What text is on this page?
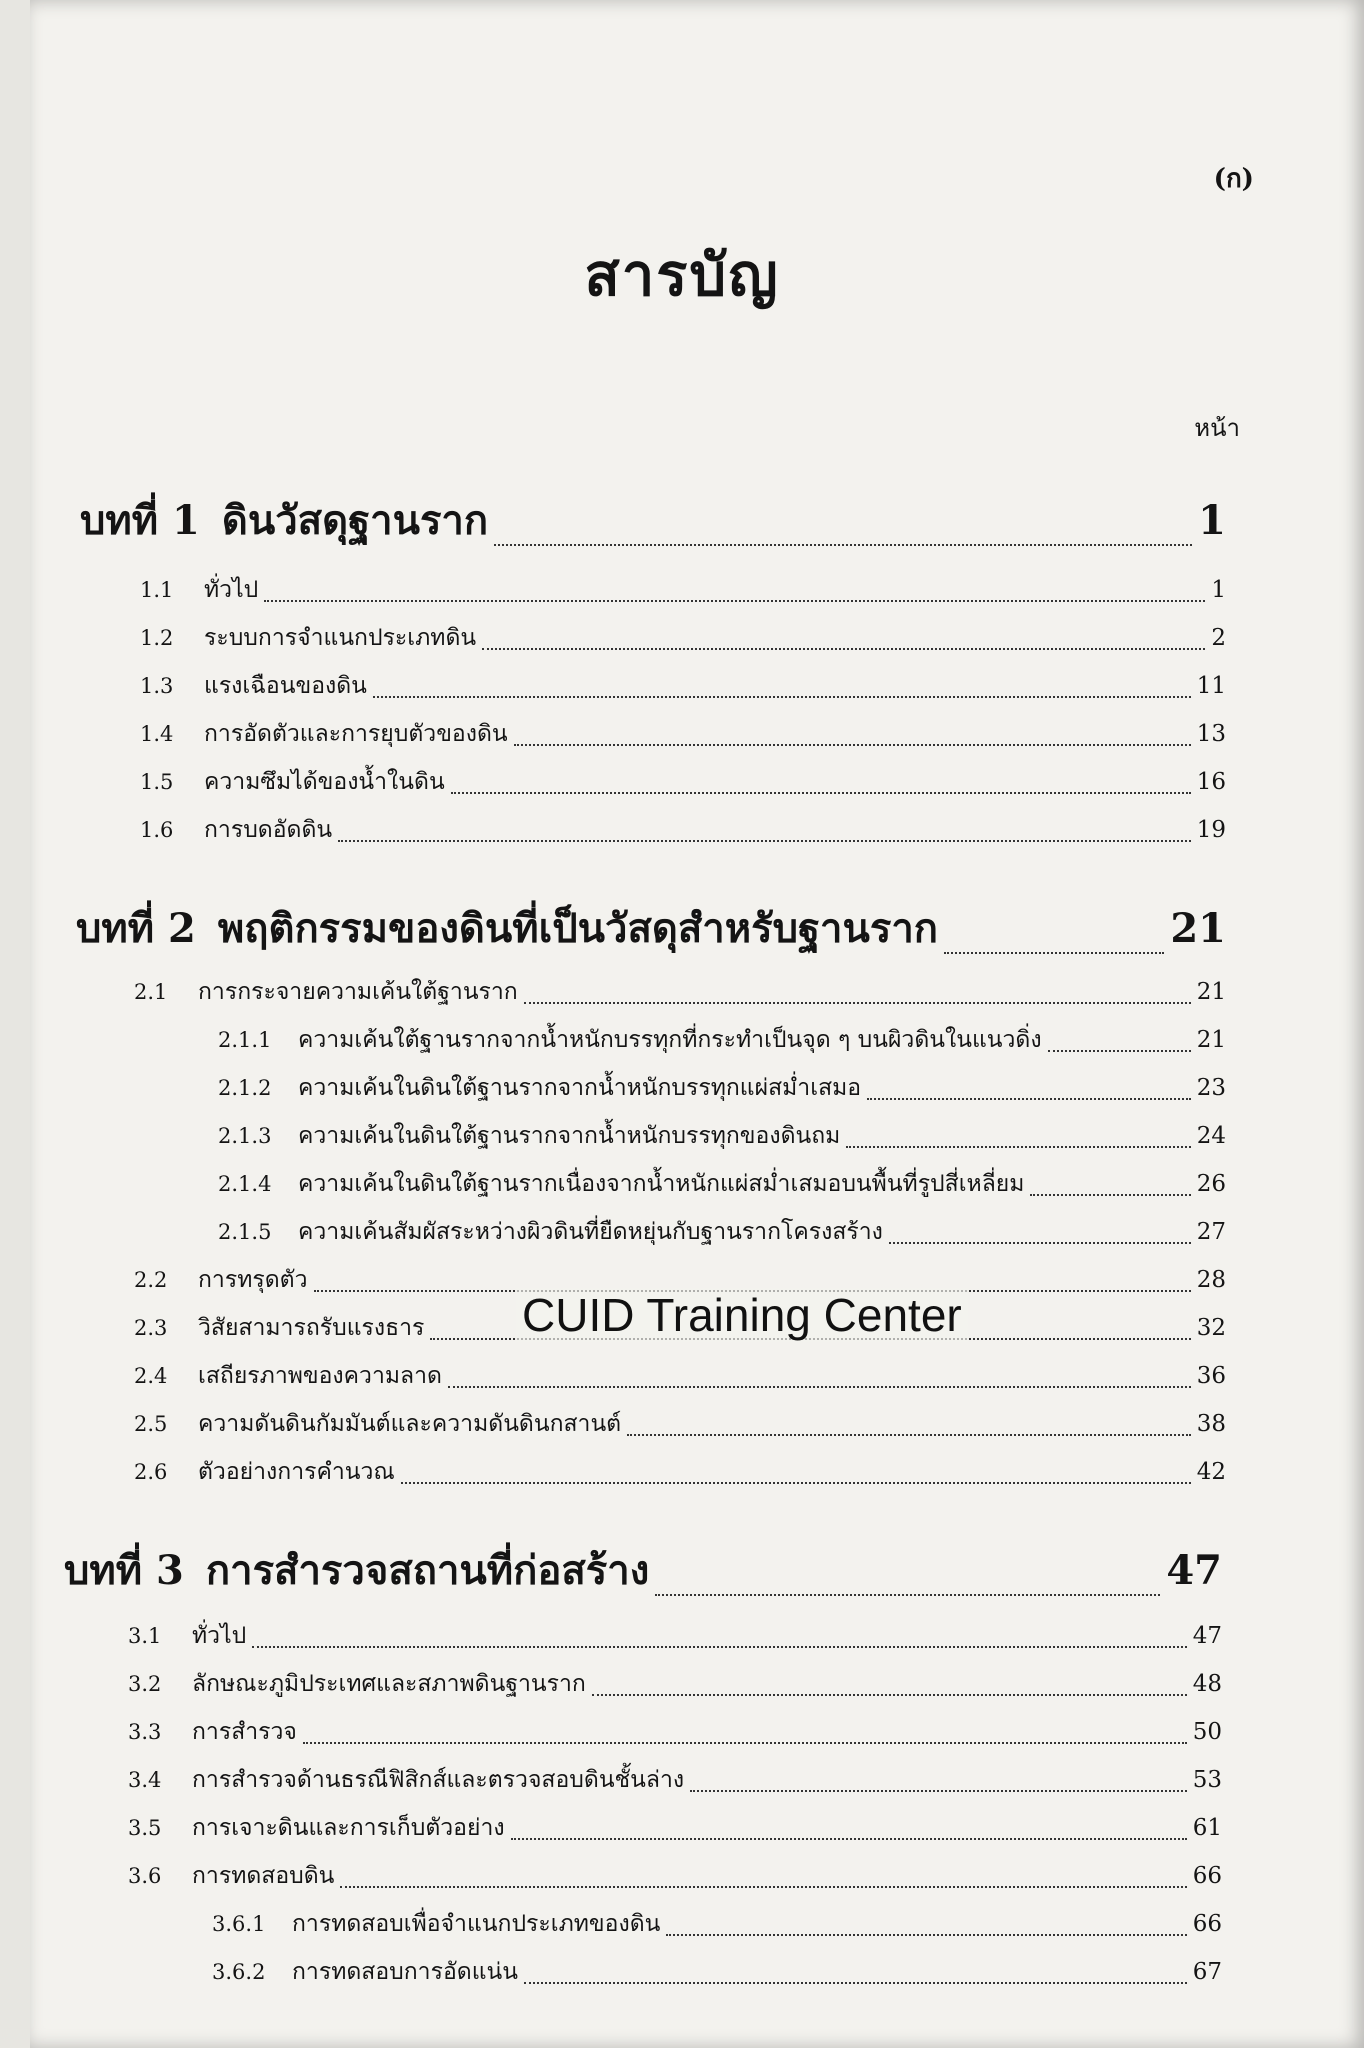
(ก)
สารบัญ
หน้า
บทที่ 1 ดินวัสดุฐานราก	1
1.1	ทั่วไป	1
1.2	ระบบการจำแนกประเภทดิน	2
1.3	แรงเฉือนของดิน	11
1.4	การอัดตัวและการยุบตัวของดิน	13
1.5	ความซึมได้ของน้ำในดิน	16
1.6	การบดอัดดิน	19
บทที่ 2 พฤติกรรมของดินที่เป็นวัสดุสำหรับฐานราก	21
2.1	การกระจายความเค้นใต้ฐานราก	21
2.1.1	ความเค้นใต้ฐานรากจากน้ำหนักบรรทุกที่กระทำเป็นจุด ๆ บนผิวดินในแนวดิ่ง	21
2.1.2	ความเค้นในดินใต้ฐานรากจากน้ำหนักบรรทุกแผ่สม่ำเสมอ	23
2.1.3	ความเค้นในดินใต้ฐานรากจากน้ำหนักบรรทุกของดินถม	24
2.1.4	ความเค้นในดินใต้ฐานรากเนื่องจากน้ำหนักแผ่สม่ำเสมอบนพื้นที่รูปสี่เหลี่ยม	26
2.1.5	ความเค้นสัมผัสระหว่างผิวดินที่ยืดหยุ่นกับฐานรากโครงสร้าง	27
2.2	การทรุดตัว	28
2.3	วิสัยสามารถรับแรงธาร	32
2.4	เสถียรภาพของความลาด	36
2.5	ความดันดินกัมมันต์และความดันดินกสานต์	38
2.6	ตัวอย่างการคำนวณ	42
บทที่ 3 การสำรวจสถานที่ก่อสร้าง	47
3.1	ทั่วไป	47
3.2	ลักษณะภูมิประเทศและสภาพดินฐานราก	48
3.3	การสำรวจ	50
3.4	การสำรวจด้านธรณีฟิสิกส์และตรวจสอบดินชั้นล่าง	53
3.5	การเจาะดินและการเก็บตัวอย่าง	61
3.6	การทดสอบดิน	66
3.6.1	การทดสอบเพื่อจำแนกประเภทของดิน	66
3.6.2	การทดสอบการอัดแน่น	67
CUID Training Center
